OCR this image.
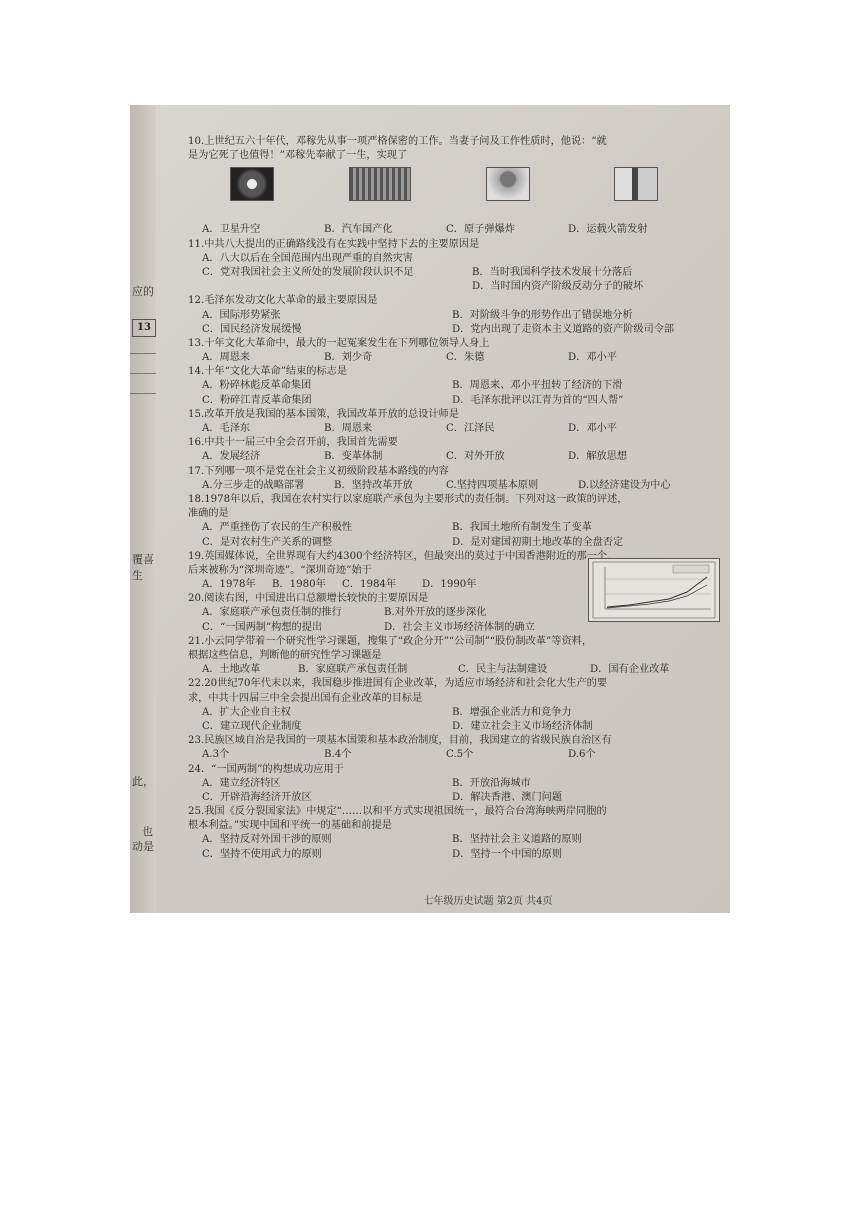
应的
13
覆喜
生
此，
也
动是
10.上世纪五六十年代，邓稼先从事一项严格保密的工作。当妻子问及工作性质时，他说：“就
是为它死了也值得！”邓稼先奉献了一生，实现了
A．卫星升空	B．汽车国产化	C．原子弹爆炸	D．运载火箭发射
11.中共八大提出的正确路线没有在实践中坚持下去的主要原因是
A．八大以后在全国范围内出现严重的自然灾害
C．党对我国社会主义所处的发展阶段认识不足	B．当时我国科学技术发展十分落后
D．当时国内资产阶级反动分子的破坏
12.毛泽东发动文化大革命的最主要原因是
A．国际形势紧张	B．对阶级斗争的形势作出了错误地分析
C．国民经济发展缓慢	D．党内出现了走资本主义道路的资产阶级司令部
13.十年文化大革命中，最大的一起冤案发生在下列哪位领导人身上
A．周恩来	B．刘少奇	C．朱德	D．邓小平
14.十年“文化大革命”结束的标志是
A．粉碎林彪反革命集团	B．周恩来、邓小平扭转了经济的下滑
C．粉碎江青反革命集团	D．毛泽东批评以江青为首的“四人帮”
15.改革开放是我国的基本国策，我国改革开放的总设计师是
A．毛泽东	B．周恩来	C．江泽民	D．邓小平
16.中共十一届三中全会召开前，我国首先需要
A．发展经济	B．变革体制	C．对外开放	D．解放思想
17.下列哪一项不是党在社会主义初级阶段基本路线的内容
A.分三步走的战略部署	B．坚持改革开放	C.坚持四项基本原则	D.以经济建设为中心
18.1978年以后，我国在农村实行以家庭联产承包为主要形式的责任制。下列对这一政策的评述，
准确的是
A．严重挫伤了农民的生产积极性	B．我国土地所有制发生了变革
C．是对农村生产关系的调整	D．是对建国初期土地改革的全盘否定
19.英国媒体说，全世界现有大约4300个经济特区，但最突出的莫过于中国香港附近的那一个，
后来被称为“深圳奇迹”。“深圳奇迹”始于
A．1978年	B．1980年	C．1984年	D．1990年
20.阅读右图，中国进出口总额增长较快的主要原因是
A．家庭联产承包责任制的推行	B.对外开放的逐步深化
C．“一国两制”构想的提出	D．社会主义市场经济体制的确立
21.小云同学带着一个研究性学习课题，搜集了“政企分开”“公司制”“股份制改革”等资料，
根据这些信息，判断他的研究性学习课题是
A．土地改革	B．家庭联产承包责任制	C．民主与法制建设	D．国有企业改革
22.20世纪70年代末以来，我国稳步推进国有企业改革，为适应市场经济和社会化大生产的要
求，中共十四届三中全会提出国有企业改革的目标是
A．扩大企业自主权	B．增强企业活力和竞争力
C．建立现代企业制度	D．建立社会主义市场经济体制
23.民族区域自治是我国的一项基本国策和基本政治制度，目前，我国建立的省级民族自治区有
A.3个	B.4个	C.5个	D.6个
24．“一国两制”的构想成功应用于
A．建立经济特区	B．开放沿海城市
C．开辟沿海经济开放区	D．解决香港、澳门问题
25.我国《反分裂国家法》中规定“……以和平方式实现祖国统一，最符合台湾海峡两岸同胞的
根本利益。”实现中国和平统一的基础和前提是
A．坚持反对外国干涉的原则	B．坚持社会主义道路的原则
C．坚持不使用武力的原则	D．坚持一个中国的原则
七年级历史试题 第2页 共4页
